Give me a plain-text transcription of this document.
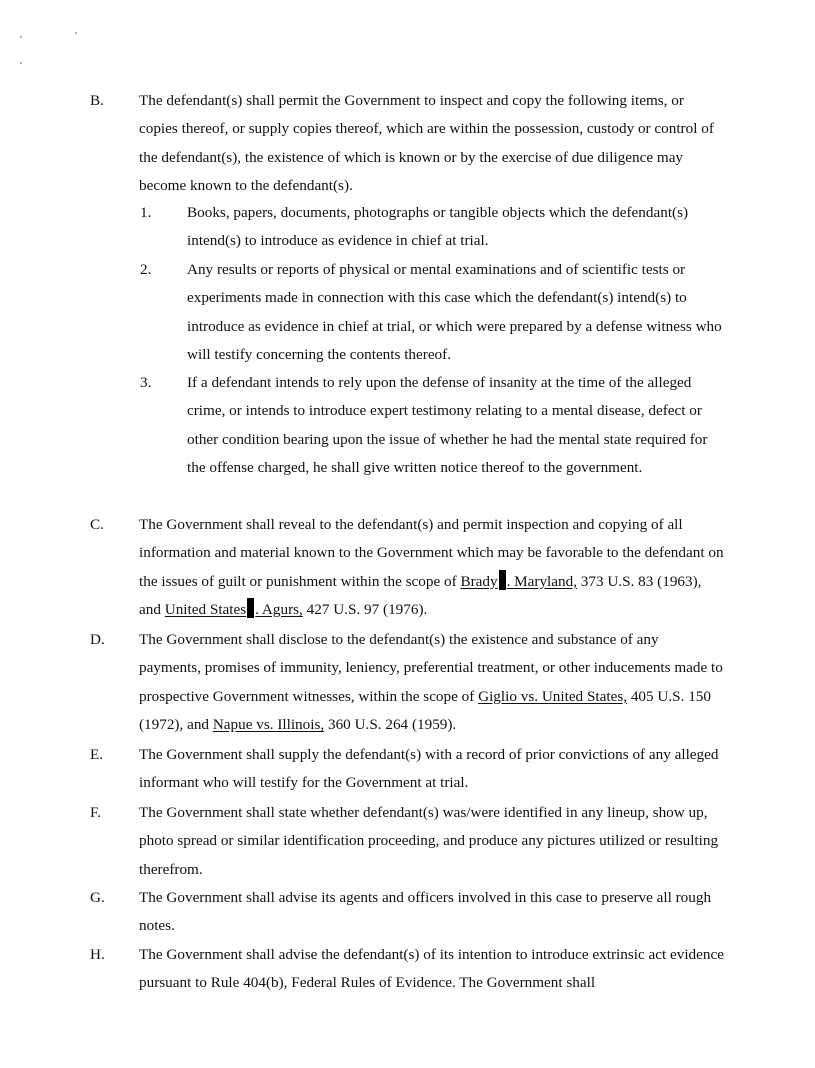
B. The defendant(s) shall permit the Government to inspect and copy the following items, or copies thereof, or supply copies thereof, which are within the possession, custody or control of the defendant(s), the existence of which is known or by the exercise of due diligence may become known to the defendant(s).
1. Books, papers, documents, photographs or tangible objects which the defendant(s) intend(s) to introduce as evidence in chief at trial.
2. Any results or reports of physical or mental examinations and of scientific tests or experiments made in connection with this case which the defendant(s) intend(s) to introduce as evidence in chief at trial, or which were prepared by a defense witness who will testify concerning the contents thereof.
3. If a defendant intends to rely upon the defense of insanity at the time of the alleged crime, or intends to introduce expert testimony relating to a mental disease, defect or other condition bearing upon the issue of whether he had the mental state required for the offense charged, he shall give written notice thereof to the government.
C. The Government shall reveal to the defendant(s) and permit inspection and copying of all information and material known to the Government which may be favorable to the defendant on the issues of guilt or punishment within the scope of Brady . Maryland, 373 U.S. 83 (1963), and United States . Agurs, 427 U.S. 97 (1976).
D. The Government shall disclose to the defendant(s) the existence and substance of any payments, promises of immunity, leniency, preferential treatment, or other inducements made to prospective Government witnesses, within the scope of Giglio vs. United States, 405 U.S. 150 (1972), and Napue vs. Illinois, 360 U.S. 264 (1959).
E. The Government shall supply the defendant(s) with a record of prior convictions of any alleged informant who will testify for the Government at trial.
F. The Government shall state whether defendant(s) was/were identified in any lineup, show up, photo spread or similar identification proceeding, and produce any pictures utilized or resulting therefrom.
G. The Government shall advise its agents and officers involved in this case to preserve all rough notes.
H. The Government shall advise the defendant(s) of its intention to introduce extrinsic act evidence pursuant to Rule 404(b), Federal Rules of Evidence. The Government shall
